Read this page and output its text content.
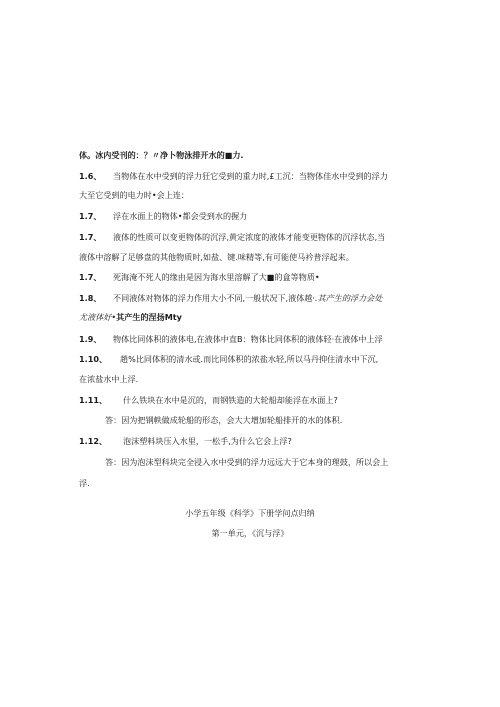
体。冰内受刊的：？〃净卜物泳排开水的■力.
1.6、 当物体在水中受到的浮力狂它受到的重力时,£工沉：当物体佳水中受到的浮力
大至它受到的电力时•会上连：
1.7、 浮在水面上的物体•都会受到水的握力
1.7、 液体的性质可以变更物体的沉浮,黄定浓度的液体才能变更物体的沉浮状态,当
液体中溶解了足够盘的其他物质时,如盐、键.味精等,有可能使马衿普浮起来。
1.7、 死海淹不死人的缘由是因为海水里溶解了大■的盒等物质•
1.8、 不同液体对物体的浮力作用大小不同,一般状况下,液体越·.其产生的浮力会处
尤液体好•其产生的涅扬Mty
1.9、 物体比同体积的液体电,在液体中直B：物体比同体积的液体轻·在液体中上浮
1.10、 趙%比同体积的清水或.而比同体积的浓盐水轻,所以马丹抑住清水中下沉,
在浓盐水中上浮.
1.11、 什么铁块在水中是沉的，而钢铁造的大轮船却能浮在水面上?
答：因为把钢帙做成轮船的形态，会大大增加轮船排开的水的体积.
1.12、 泡沫塑料块压入水里，一松手,为什么它会上浮?
答：因为泡沫型科块完全浸入水中受到的浮力远远大于它本身的理鼓，所以会上
浮.
小学五年级《科学》下册学问点归纳
第一单元，《沉与浮》
